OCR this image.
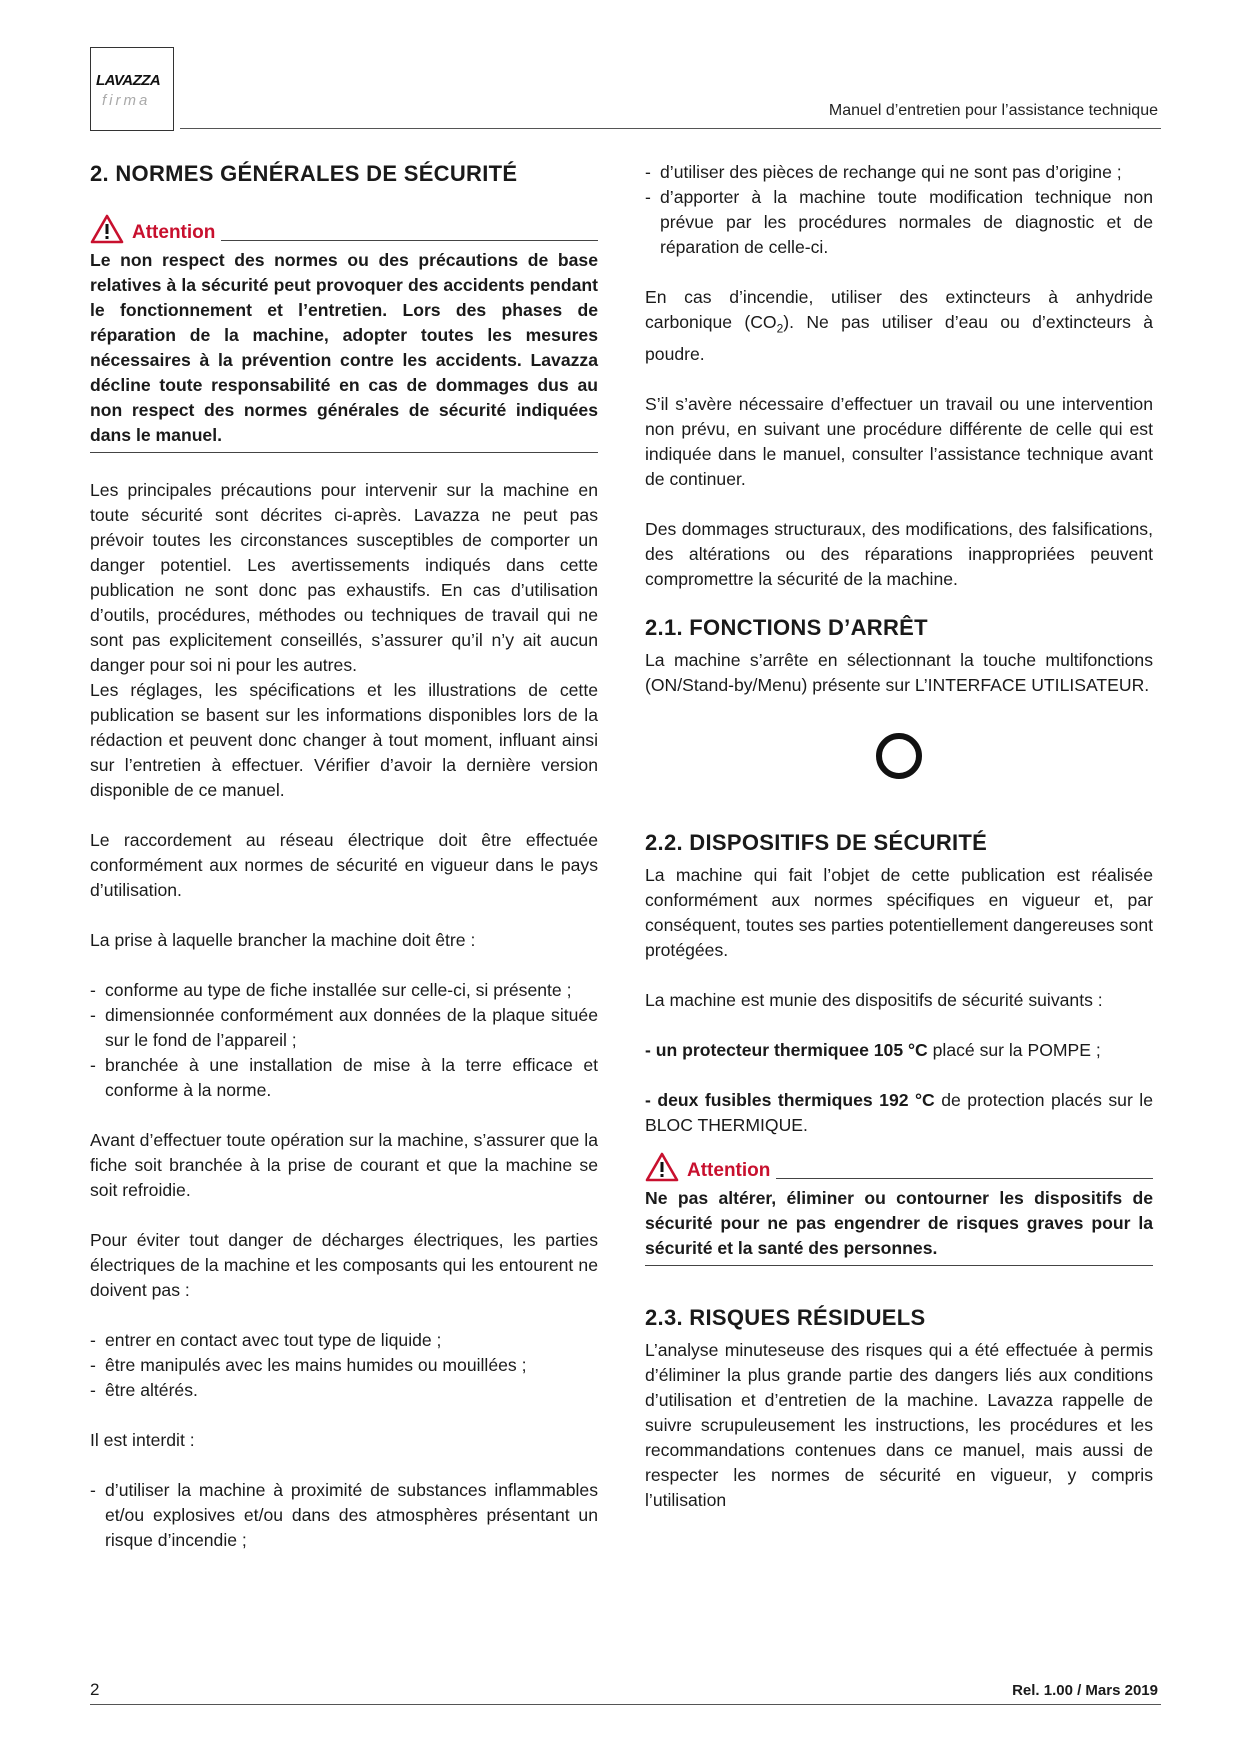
LAVAZZA
firma
Manuel d’entretien pour l’assistance technique
2. NORMES GÉNÉRALES DE SÉCURITÉ
Attention

Le non respect des normes ou des précautions de base relatives à la sécurité peut provoquer des accidents pendant le fonctionnement et l’entretien. Lors des phases de réparation de la machine, adopter toutes les mesures nécessaires à la prévention contre les accidents. Lavazza décline toute responsabilité en cas de dommages dus au non respect des normes générales de sécurité indiquées dans le manuel.

Les principales précautions pour intervenir sur la machine en toute sécurité sont décrites ci-après. Lavazza ne peut pas prévoir toutes les circonstances susceptibles de comporter un danger potentiel. Les avertissements indiqués dans cette publication ne sont donc pas exhaustifs. En cas d’utilisation d’outils, procédures, méthodes ou techniques de travail qui ne sont pas explicitement conseillés, s’assurer qu’il n’y ait aucun danger pour soi ni pour les autres.

Les réglages, les spécifications et les illustrations de cette publication se basent sur les informations disponibles lors de la rédaction et peuvent donc changer à tout moment, influant ainsi sur l’entretien à effectuer. Vérifier d’avoir la dernière version disponible de ce manuel.

Le raccordement au réseau électrique doit être effectuée conformément aux normes de sécurité en vigueur dans le pays d’utilisation.

La prise à laquelle brancher la machine doit être :

- conforme au type de fiche installée sur celle-ci, si présente ;
- dimensionnée conformément aux données de la plaque située sur le fond de l’appareil ;
- branchée à une installation de mise à la terre efficace et conforme à la norme.

Avant d’effectuer toute opération sur la machine, s’assurer que la fiche soit branchée à la prise de courant et que la machine se soit refroidie.

Pour éviter tout danger de décharges électriques, les parties électriques de la machine et les composants qui les entourent ne doivent pas :

- entrer en contact avec tout type de liquide ;
- être manipulés avec les mains humides ou mouillées ;
- être altérés.

Il est interdit :

- d’utiliser la machine à proximité de substances inflammables et/ou explosives et/ou dans des atmosphères présentant un risque d’incendie ;
- d’utiliser des pièces de rechange qui ne sont pas d’origine ;
- d’apporter à la machine toute modification technique non prévue par les procédures normales de diagnostic et de réparation de celle-ci.

En cas d’incendie, utiliser des extincteurs à anhydride carbonique $(CO_2)$. Ne pas utiliser d’eau ou d’extincteurs à poudre.

S’il s’avère nécessaire d’effectuer un travail ou une intervention non prévu, en suivant une procédure différente de celle qui est indiquée dans le manuel, consulter l’assistance technique avant de continuer.

Des dommages structuraux, des modifications, des falsifications, des altérations ou des réparations inappropriées peuvent compromettre la sécurité de la machine.

2.1. FONCTIONS D’ARRÊT

La machine s’arrête en sélectionnant la touche multifonctions (ON/Stand-by/Menu) présente sur L’INTERFACE UTILISATEUR.

2.2. DISPOSITIFS DE SÉCURITÉ

La machine qui fait l’objet de cette publication est réalisée conformément aux normes spécifiques en vigueur et, par conséquent, toutes ses parties potentiellement dangereuses sont protégées.

La machine est munie des dispositifs de sécurité suivants :

- un protecteur thermiquee 105 °C placé sur la POMPE ;

- deux fusibles thermiques 192 °C de protection placés sur le BLOC THERMIQUE.

Attention

Ne pas altérer, éliminer ou contourner les dispositifs de sécurité pour ne pas engendrer de risques graves pour la sécurité et la santé des personnes.

2.3. RISQUES RÉSIDUELS

L’analyse minuteseuse des risques qui a été effectuée à permis d’éliminer la plus grande partie des dangers liés aux conditions d’utilisation et d’entretien de la machine. Lavazza rappelle de suivre scrupuleusement les instructions, les procédures et les recommandations contenues dans ce manuel, mais aussi de respecter les normes de sécurité en vigueur, y compris l’utilisation

2	Rel. 1.00 / Mars 2019
